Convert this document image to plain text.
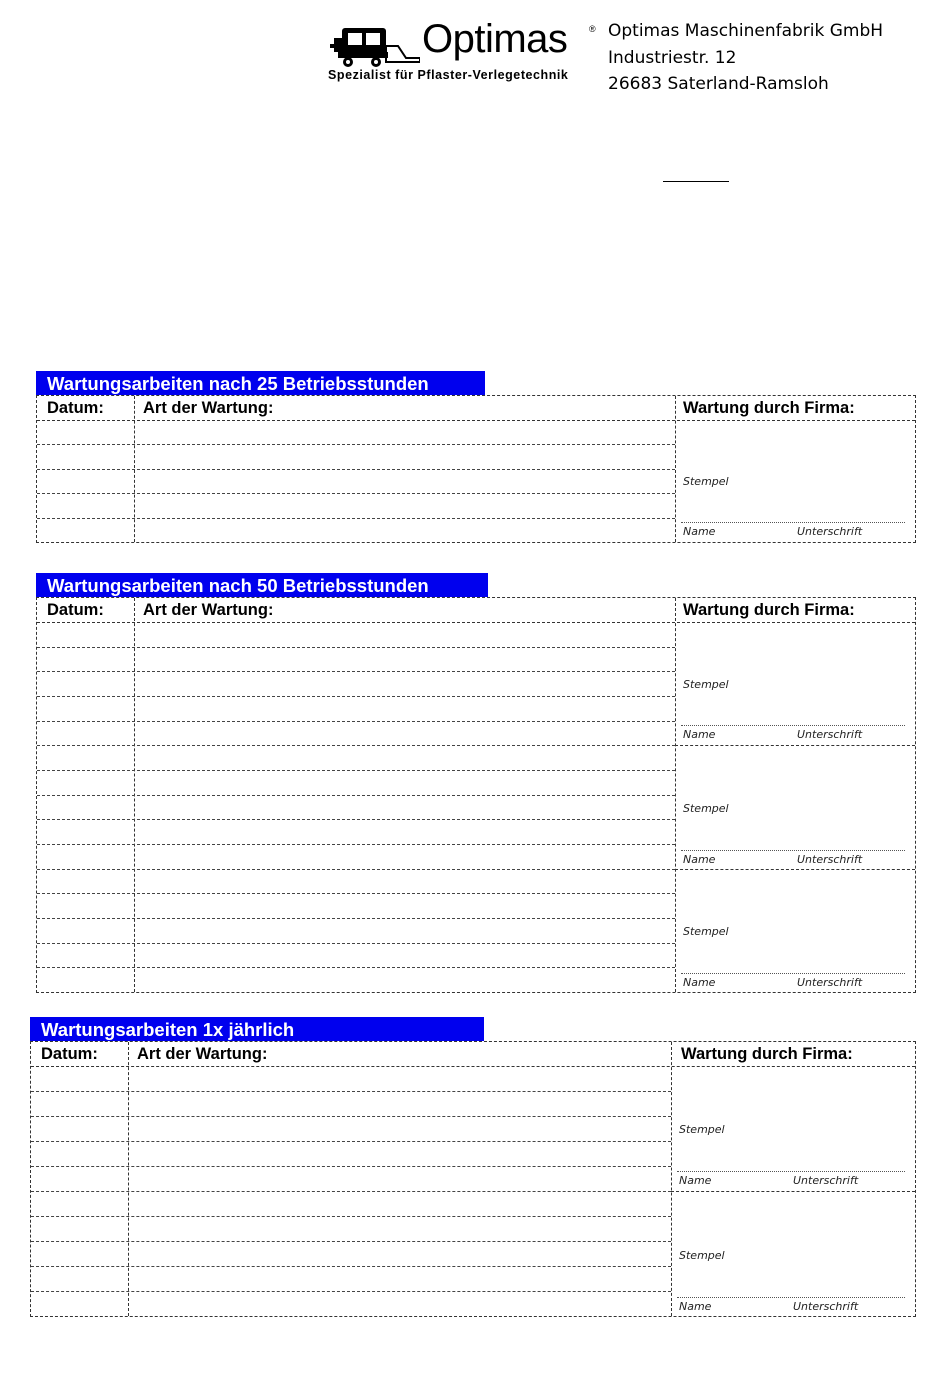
Optimas ®
Spezialist für Pflaster-Verlegetechnik
Optimas Maschinenfabrik GmbH
Industriestr. 12
26683 Saterland-Ramsloh
Wartungsarbeiten nach 25 Betriebsstunden
Datum: Art der Wartung:	Wartung durch Firma:
Stempel
Name	Unterschrift
Wartungsarbeiten nach 50 Betriebsstunden
Datum: Art der Wartung:	Wartung durch Firma:
Stempel
Name	Unterschrift
Stempel
Name	Unterschrift
Stempel
Name	Unterschrift
Wartungsarbeiten 1x jährlich
Datum: Art der Wartung:	Wartung durch Firma:
Stempel
Name	Unterschrift
Stempel
Name	Unterschrift
